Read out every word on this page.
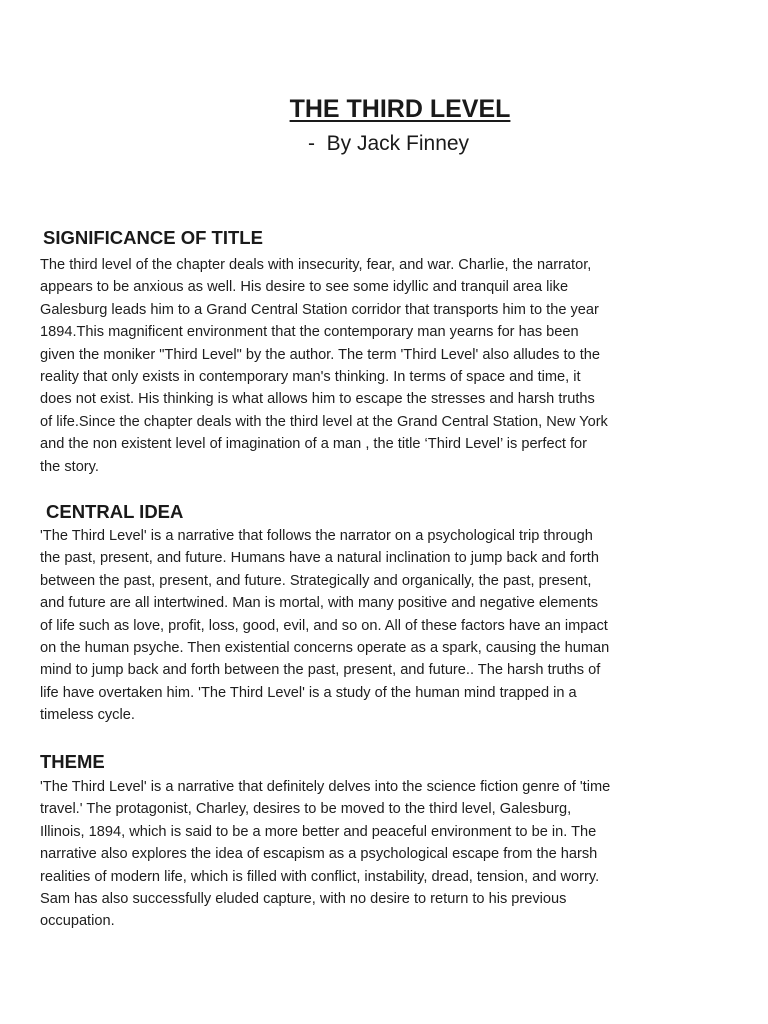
THE THIRD LEVEL

-  By Jack Finney

SIGNIFICANCE OF TITLE
The third level of the chapter deals with insecurity, fear, and war. Charlie, the narrator,
appears to be anxious as well. His desire to see some idyllic and tranquil area like
Galesburg leads him to a Grand Central Station corridor that transports him to the year
1894.This magnificent environment that the contemporary man yearns for has been
given the moniker "Third Level" by the author. The term 'Third Level' also alludes to the
reality that only exists in contemporary man's thinking. In terms of space and time, it
does not exist. His thinking is what allows him to escape the stresses and harsh truths
of life.Since the chapter deals with the third level at the Grand Central Station, New York
and the non existent level of imagination of a man , the title ‘Third Level’ is perfect for
the story.
CENTRAL IDEA
'The Third Level' is a narrative that follows the narrator on a psychological trip through
the past, present, and future. Humans have a natural inclination to jump back and forth
between the past, present, and future. Strategically and organically, the past, present,
and future are all intertwined. Man is mortal, with many positive and negative elements
of life such as love, profit, loss, good, evil, and so on. All of these factors have an impact
on the human psyche. Then existential concerns operate as a spark, causing the human
mind to jump back and forth between the past, present, and future.. The harsh truths of
life have overtaken him. 'The Third Level' is a study of the human mind trapped in a
timeless cycle.
THEME
'The Third Level' is a narrative that definitely delves into the science fiction genre of 'time
travel.' The protagonist, Charley, desires to be moved to the third level, Galesburg,
Illinois, 1894, which is said to be a more better and peaceful environment to be in. The
narrative also explores the idea of escapism as a psychological escape from the harsh
realities of modern life, which is filled with conflict, instability, dread, tension, and worry.
Sam has also successfully eluded capture, with no desire to return to his previous
occupation.
